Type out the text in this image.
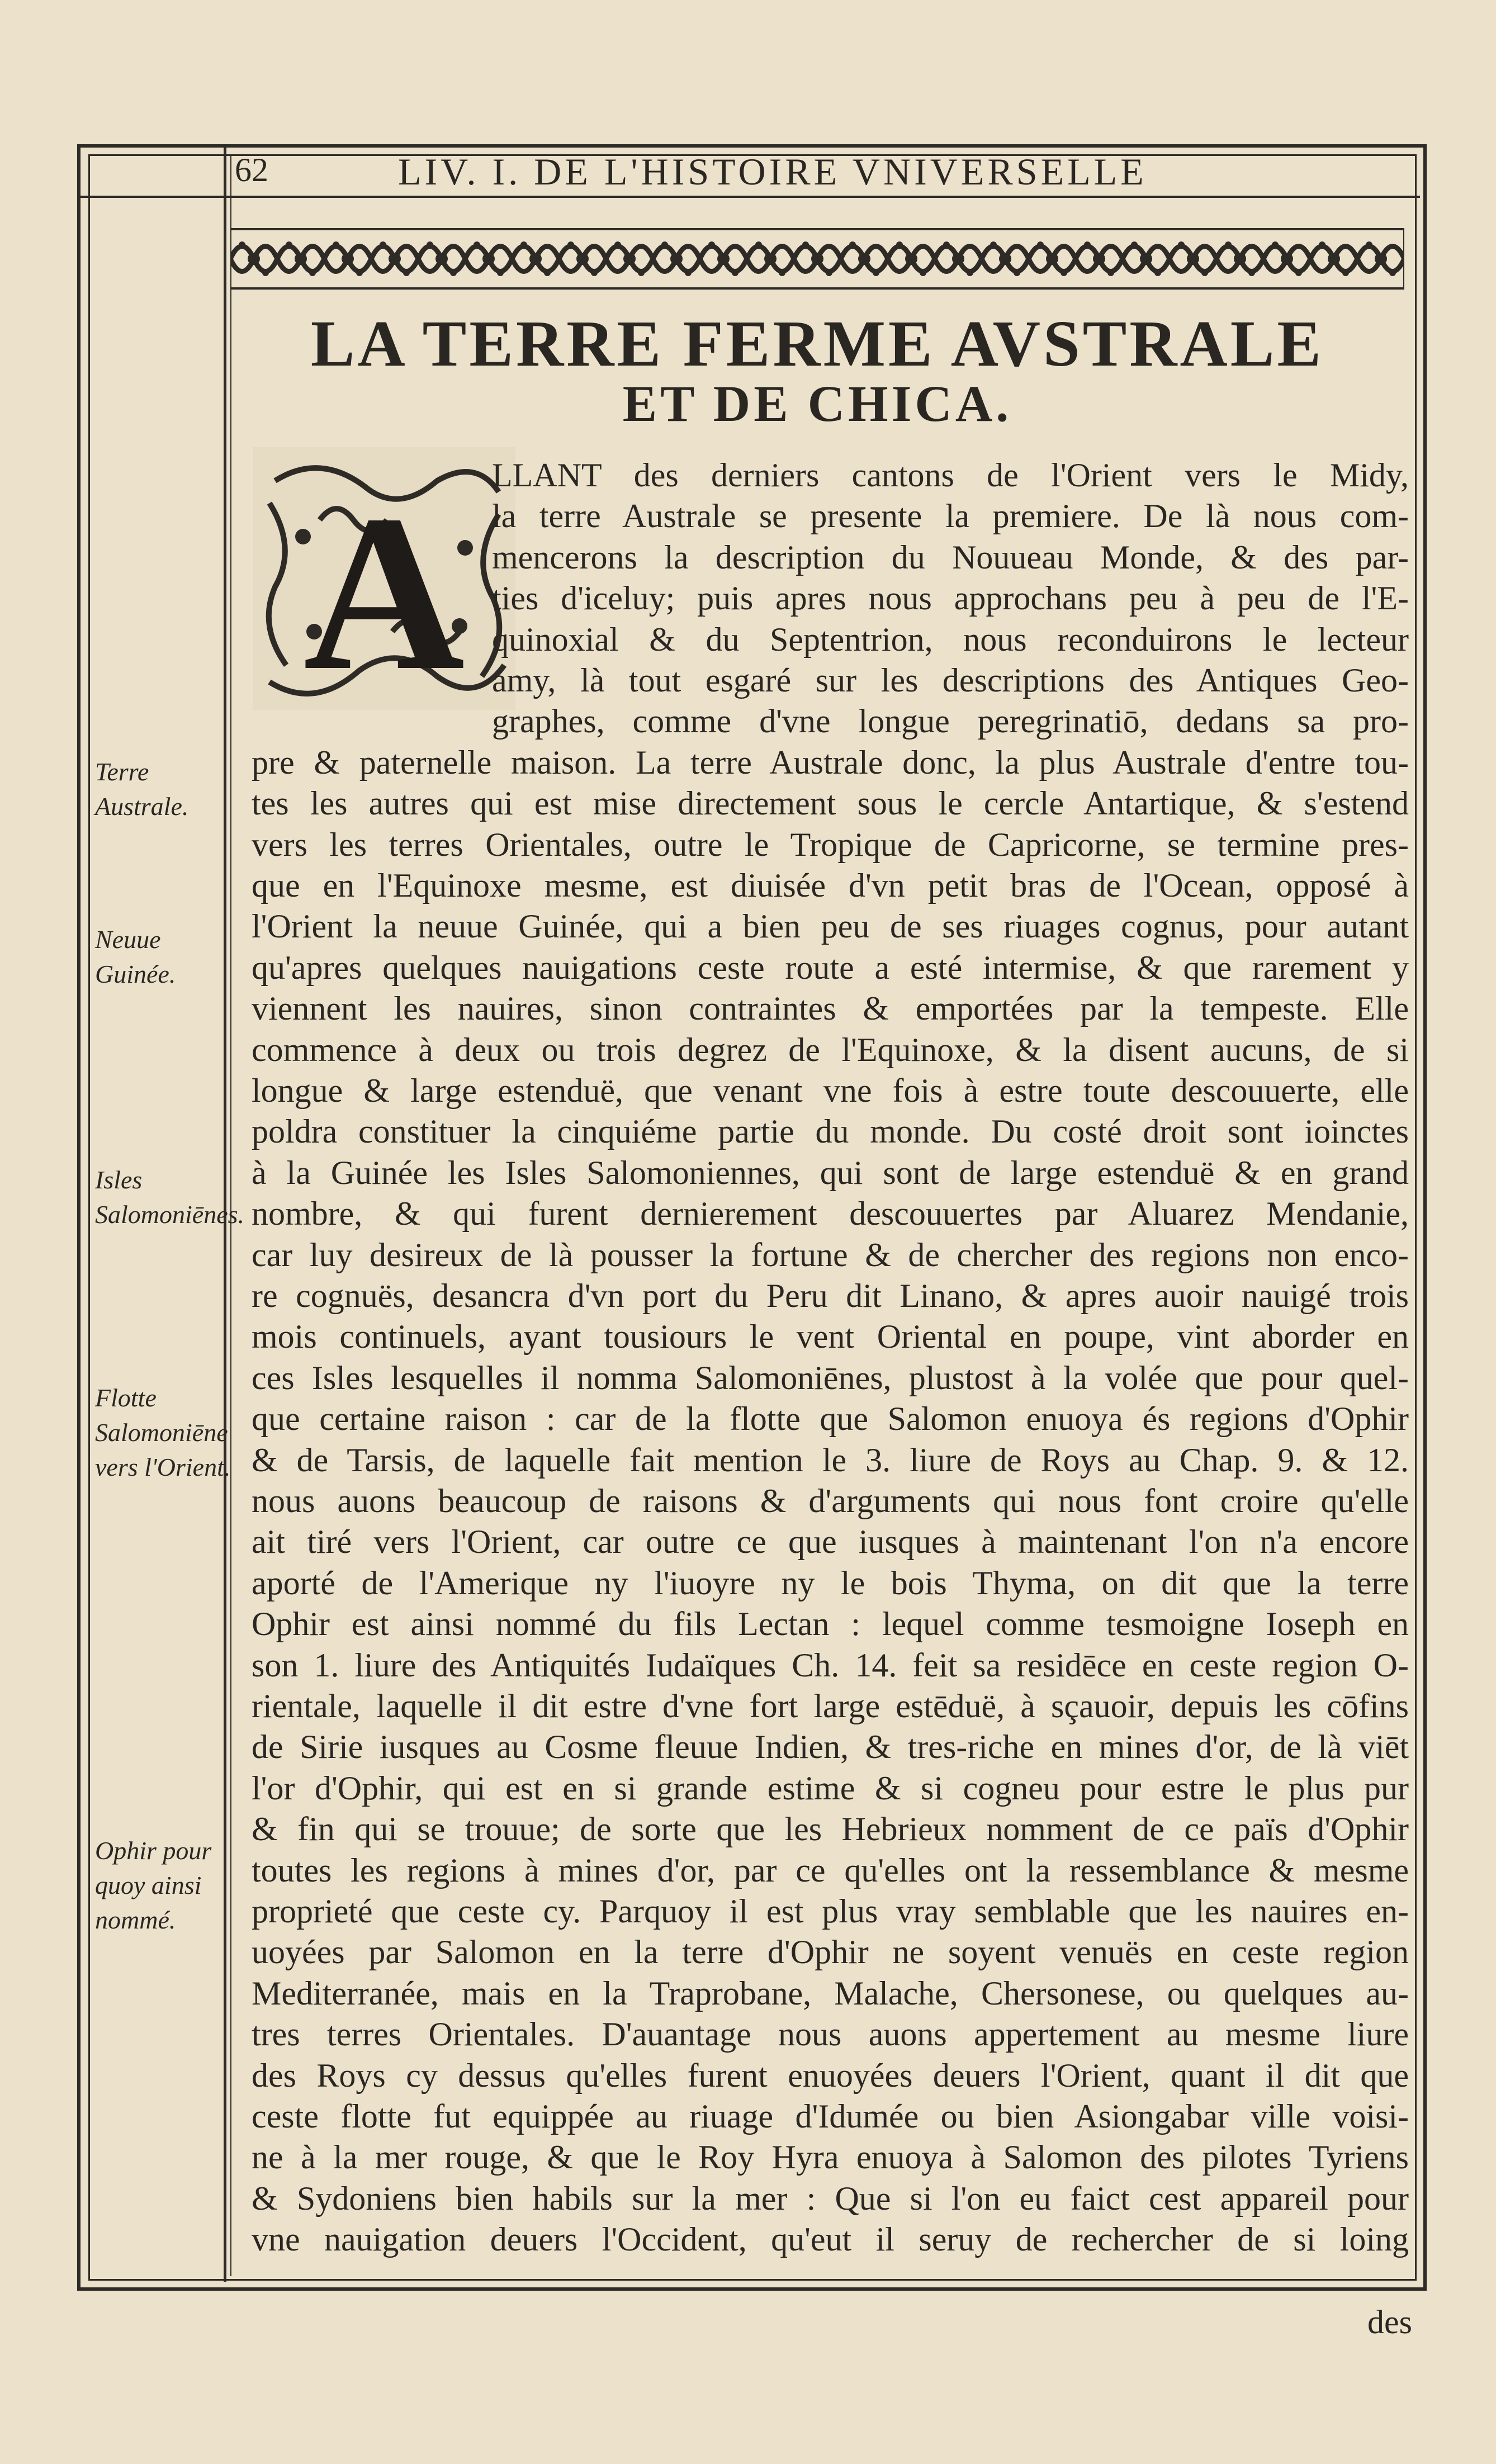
62	LIV. I. DE L'HISTOIRE VNIVERSELLE
LA TERRE FERME AVSTRALE
ET DE CHICA.
A LLANT des derniers cantons de l'Orient vers le Midy,
la terre Australe se presente la premiere. De là nous com-
mencerons la description du Nouueau Monde, & des par-
ties d'iceluy; puis apres nous approchans peu à peu de l'E-
quinoxial & du Septentrion, nous reconduirons le lecteur
amy, là tout esgaré sur les descriptions des Antiques Geo-
graphes, comme d'vne longue peregrinatiō, dedans sa pro-
pre & paternelle maison. La terre Australe donc, la plus Australe d'entre tou-
tes les autres qui est mise directement sous le cercle Antartique, & s'estend
vers les terres Orientales, outre le Tropique de Capricorne, se termine pres-
que en l'Equinoxe mesme, est diuisée d'vn petit bras de l'Ocean, opposé à
l'Orient la neuue Guinée, qui a bien peu de ses riuages cognus, pour autant
qu'apres quelques nauigations ceste route a esté intermise, & que rarement y
viennent les nauires, sinon contraintes & emportées par la tempeste. Elle
commence à deux ou trois degrez de l'Equinoxe, & la disent aucuns, de si
longue & large estenduë, que venant vne fois à estre toute descouuerte, elle
poldra constituer la cinquiéme partie du monde. Du costé droit sont ioinctes
à la Guinée les Isles Salomoniennes, qui sont de large estenduë & en grand
nombre, & qui furent dernierement descouuertes par Aluarez Mendanie,
car luy desireux de là pousser la fortune & de chercher des regions non enco-
re cognuës, desancra d'vn port du Peru dit Linano, & apres auoir nauigé trois
mois continuels, ayant tousiours le vent Oriental en poupe, vint aborder en
ces Isles lesquelles il nomma Salomoniēnes, plustost à la volée que pour quel-
que certaine raison : car de la flotte que Salomon enuoya és regions d'Ophir
& de Tarsis, de laquelle fait mention le 3. liure de Roys au Chap. 9. & 12.
nous auons beaucoup de raisons & d'arguments qui nous font croire qu'elle
ait tiré vers l'Orient, car outre ce que iusques à maintenant l'on n'a encore
aporté de l'Amerique ny l'iuoyre ny le bois Thyma, on dit que la terre
Ophir est ainsi nommé du fils Lectan : lequel comme tesmoigne Ioseph en
son 1. liure des Antiquités Iudaïques Ch. 14. feit sa residēce en ceste region O-
rientale, laquelle il dit estre d'vne fort large estēduë, à sçauoir, depuis les cōfins
de Sirie iusques au Cosme fleuue Indien, & tres-riche en mines d'or, de là viēt
l'or d'Ophir, qui est en si grande estime & si cogneu pour estre le plus pur
& fin qui se trouue; de sorte que les Hebrieux nomment de ce païs d'Ophir
toutes les regions à mines d'or, par ce qu'elles ont la ressemblance & mesme
proprieté que ceste cy. Parquoy il est plus vray semblable que les nauires en-
uoyées par Salomon en la terre d'Ophir ne soyent venuës en ceste region
Mediterranée, mais en la Traprobane, Malache, Chersonese, ou quelques au-
tres terres Orientales. D'auantage nous auons appertement au mesme liure
des Roys cy dessus qu'elles furent enuoyées deuers l'Orient, quant il dit que
ceste flotte fut equippée au riuage d'Idumée ou bien Asiongabar ville voisi-
ne à la mer rouge, & que le Roy Hyra enuoya à Salomon des pilotes Tyriens
& Sydoniens bien habils sur la mer : Que si l'on eu faict cest appareil pour
vne nauigation deuers l'Occident, qu'eut il seruy de rechercher de si loing
Terre Australe.
Neuue Guinée.
Isles Salomoniēnes.
Flotte Salomoniēne vers l'Orient.
Ophir pour quoy ainsi nommé.
des
